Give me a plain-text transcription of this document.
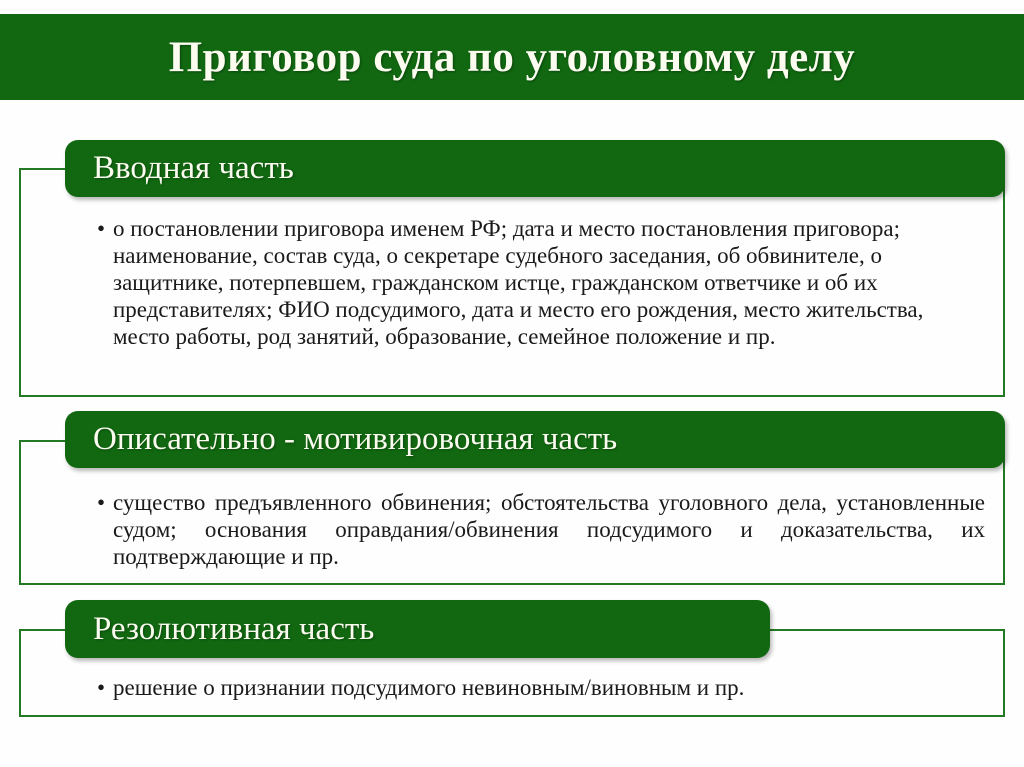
Приговор суда по уголовному делу
Вводная часть
• о постановлении приговора именем РФ; дата и место постановления приговора; наименование, состав суда, о секретаре судебного заседания, об обвинителе, о защитнике, потерпевшем, гражданском истце, гражданском ответчике и об их представителях; ФИО подсудимого, дата и место его рождения, место жительства, место работы, род занятий, образование, семейное положение и пр.
Описательно - мотивировочная часть
• существо предъявленного обвинения; обстоятельства уголовного дела, установленные судом; основания оправдания/обвинения подсудимого и доказательства, их подтверждающие и пр.
Резолютивная часть
• решение о признании подсудимого невиновным/виновным и пр.
